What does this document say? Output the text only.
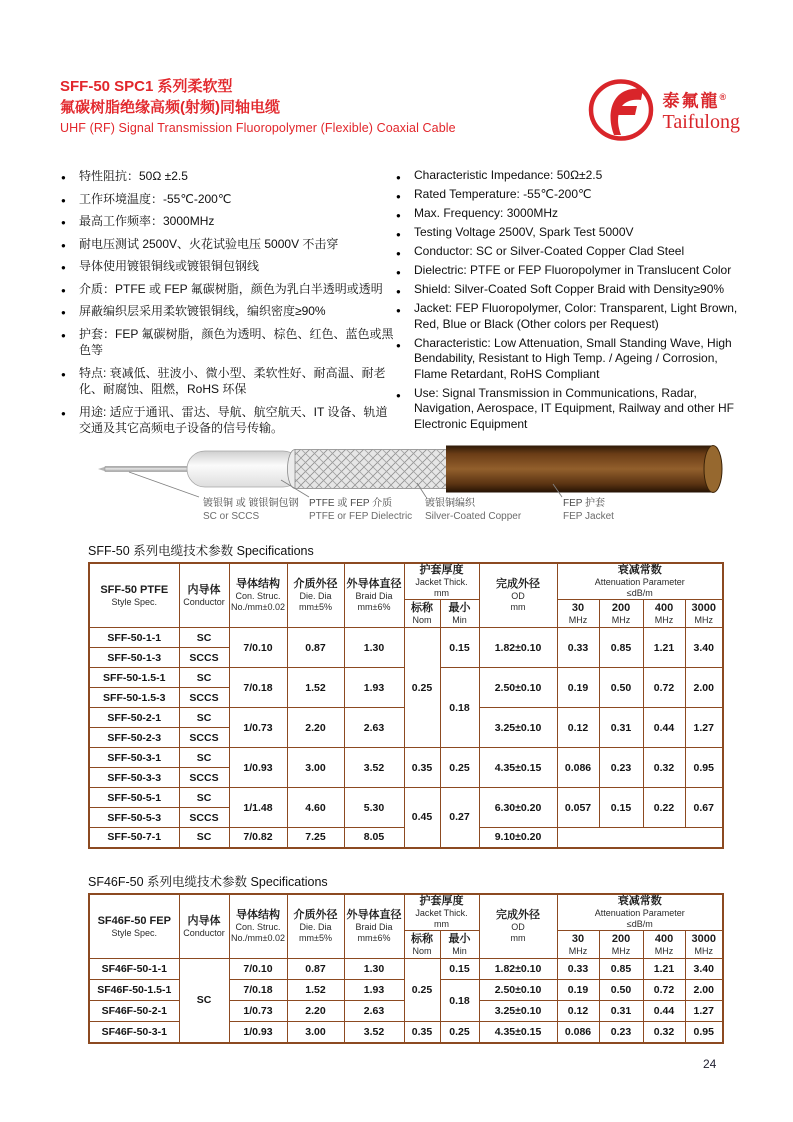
SFF-50 SPC1 系列柔软型
氟碳树脂绝缘高频(射频)同轴电缆
UHF (RF) Signal Transmission Fluoropolymer (Flexible) Coaxial Cable
泰氟龍®
Taifulong
● 特性阻抗：50Ω ±2.5
● 工作环境温度：-55℃-200℃
● 最高工作频率：3000MHz
● 耐电压测试 2500V、火花试验电压 5000V 不击穿
● 导体使用镀银铜线或镀银铜包钢线
● 介质：PTFE 或 FEP 氟碳树脂，颜色为乳白半透明或透明
● 屏蔽编织层采用柔软镀银铜线，编织密度≥90%
● 护套：FEP 氟碳树脂，颜色为透明、棕色、红色、蓝色或黑色等
● 特点: 衰减低、驻波小、微小型、柔软性好、耐高温、耐老化、耐腐蚀、阻燃，RoHS 环保
● 用途: 适应于通讯、雷达、导航、航空航天、IT 设备、轨道交通及其它高频电子设备的信号传输。
● Characteristic Impedance: 50Ω±2.5
● Rated Temperature: -55℃-200℃
● Max. Frequency: 3000MHz
● Testing Voltage 2500V, Spark Test 5000V
● Conductor: SC or Silver-Coated Copper Clad Steel
● Dielectric: PTFE or FEP Fluoropolymer in Translucent Color
● Shield: Silver-Coated Soft Copper Braid with Density≥90%
● Jacket: FEP Fluoropolymer, Color: Transparent, Light Brown, Red, Blue or Black (Other colors per Request)
● Characteristic: Low Attenuation, Small Standing Wave, High Bendability, Resistant to High Temp. / Ageing / Corrosion, Flame Retardant, RoHS Compliant
● Use: Signal Transmission in Communications, Radar, Navigation, Aerospace, IT Equipment, Railway and other HF Electronic Equipment
镀银铜 或 镀银铜包钢
SC or SCCS
PTFE 或 FEP 介质
PTFE or FEP Dielectric
镀银铜编织
Silver-Coated Copper
FEP 护套
FEP Jacket
SFF-50 系列电缆技术参数 Specifications
SFF-50 PTFE
Style Spec.	内导体
Conductor	导体结构
Con. Struc.
No./mm±0.02	介质外径
Die. Dia
mm±5%	外导体直径
Braid Dia
mm±6%	护套厚度
Jacket Thick.
mm		完成外径
OD
mm	衰减常数
Attenuation Parameter
≤dB/m			

					标称
Nom	最小
Min		30
MHz	200
MHz	400
MHz	3000
MHz

SFF-50-1-1	SC	7/0.10	0.87	1.30	0.25	0.15	1.82±0.10	0.33	0.85	1.21	3.40
SFF-50-1-3	SCCS										
SFF-50-1.5-1	SC	7/0.18	1.52	1.93		0.18	2.50±0.10	0.19	0.50	0.72	2.00
SFF-50-1.5-3	SCCS										
SFF-50-2-1	SC	1/0.73	2.20	2.63			3.25±0.10	0.12	0.31	0.44	1.27
SFF-50-2-3	SCCS										
SFF-50-3-1	SC	1/0.93	3.00	3.52	0.35	0.25	4.35±0.15	0.086	0.23	0.32	0.95
SFF-50-3-3	SCCS										
SFF-50-5-1	SC	1/1.48	4.60	5.30	0.45	0.27	6.30±0.20	0.057	0.15	0.22	0.67
SFF-50-5-3	SCCS										
SFF-50-7-1	SC	7/0.82	7.25	8.05			9.10±0.20				
SF46F-50 系列电缆技术参数 Specifications
SF46F-50 FEP
Style Spec.	内导体
Conductor	导体结构
Con. Struc.
No./mm±0.02	介质外径
Die. Dia
mm±5%	外导体直径
Braid Dia
mm±6%	护套厚度
Jacket Thick.
mm		完成外径
OD
mm	衰减常数
Attenuation Parameter
≤dB/m			

					标称
Nom	最小
Min		30
MHz	200
MHz	400
MHz	3000
MHz

SF46F-50-1-1	SC	7/0.10	0.87	1.30	0.25	0.15	1.82±0.10	0.33	0.85	1.21	3.40
SF46F-50-1.5-1		7/0.18	1.52	1.93		0.18	2.50±0.10	0.19	0.50	0.72	2.00
SF46F-50-2-1		1/0.73	2.20	2.63			3.25±0.10	0.12	0.31	0.44	1.27
SF46F-50-3-1		1/0.93	3.00	3.52	0.35	0.25	4.35±0.15	0.086	0.23	0.32	0.95
24
